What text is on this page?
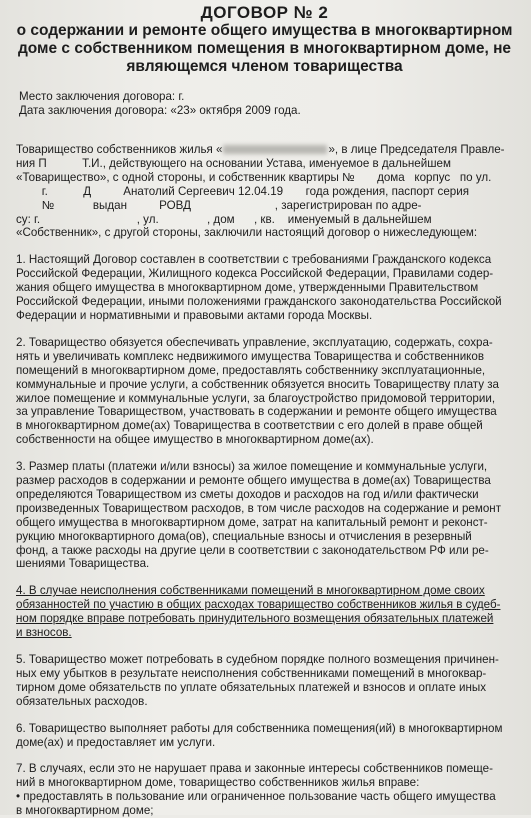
ДОГОВОР № 2

о содержании и ремонте общего имущества в многоквартирном

доме с собственником помещения в многоквартирном доме, не

являющемся членом товарищества

Место заключения договора: г.
Дата заключения договора: «23» октября 2009 года.
Товарищество собственников жилья «	», в лице Председателя Правле-
ния П           Т.И., действующего на основании Устава, именуемое в дальнейшем
«Товарищество», с одной стороны, и собственник квартиры №       дома   корпус   по ул.
г.           Д          Анатолий Сергеевич 12.04.19       года рождения, паспорт серия
№            выдан          РОВД                          , зарегистрирован по адре-
су: г.                              , ул.               , дом      , кв.    именуемый в дальнейшем
«Собственник», с другой стороны, заключили настоящий договор о нижеследующем:
1. Настоящий Договор составлен в соответствии с требованиями Гражданского кодекса
Российской Федерации, Жилищного кодекса Российской Федерации, Правилами содер-
жания общего имущества в многоквартирном доме, утвержденными Правительством
Российской Федерации, иными положениями гражданского законодательства Российской
Федерации и нормативными и правовыми актами города Москвы.
2. Товарищество обязуется обеспечивать управление, эксплуатацию, содержать, сохра-
нять и увеличивать комплекс недвижимого имущества Товарищества и собственников
помещений в многоквартирном доме, предоставлять собственнику эксплуатационные,
коммунальные и прочие услуги, а собственник обязуется вносить Товариществу плату за
жилое помещение и коммунальные услуги, за благоустройство придомовой территории,
за управление Товариществом, участвовать в содержании и ремонте общего имущества
в многоквартирном доме(ах) Товарищества в соответствии с его долей в праве общей
собственности на общее имущество в многоквартирном доме(ах).
3. Размер платы (платежи и/или взносы) за жилое помещение и коммунальные услуги,
размер расходов в содержании и ремонте общего имущества в доме(ах) Товарищества
определяются Товариществом из сметы доходов и расходов на год и/или фактически
произведенных Товариществом расходов, в том числе расходов на содержание и ремонт
общего имущества в многоквартирном доме, затрат на капитальный ремонт и реконст-
рукцию многоквартирного дома(ов), специальные взносы и отчисления в резервный
фонд, а также расходы на другие цели в соответствии с законодательством РФ или ре-
шениями Товарищества.
4. В случае неисполнения собственниками помещений в многоквартирном доме своих
обязанностей по участию в общих расходах товарищество собственников жилья в судеб-
ном порядке вправе потребовать принудительного возмещения обязательных платежей
и взносов.
5. Товарищество может потребовать в судебном порядке полного возмещения причинен-
ных ему убытков в результате неисполнения собственниками помещений в многоквар-
тирном доме обязательств по уплате обязательных платежей и взносов и оплате иных
обязательных расходов.
6. Товарищество выполняет работы для собственника помещения(ий) в многоквартирном
доме(ах) и предоставляет им услуги.
7. В случаях, если это не нарушает права и законные интересы собственников помеще-
ний в многоквартирном доме, товарищество собственников жилья вправе:
• предоставлять в пользование или ограниченное пользование часть общего имущества
в многоквартирном доме;
